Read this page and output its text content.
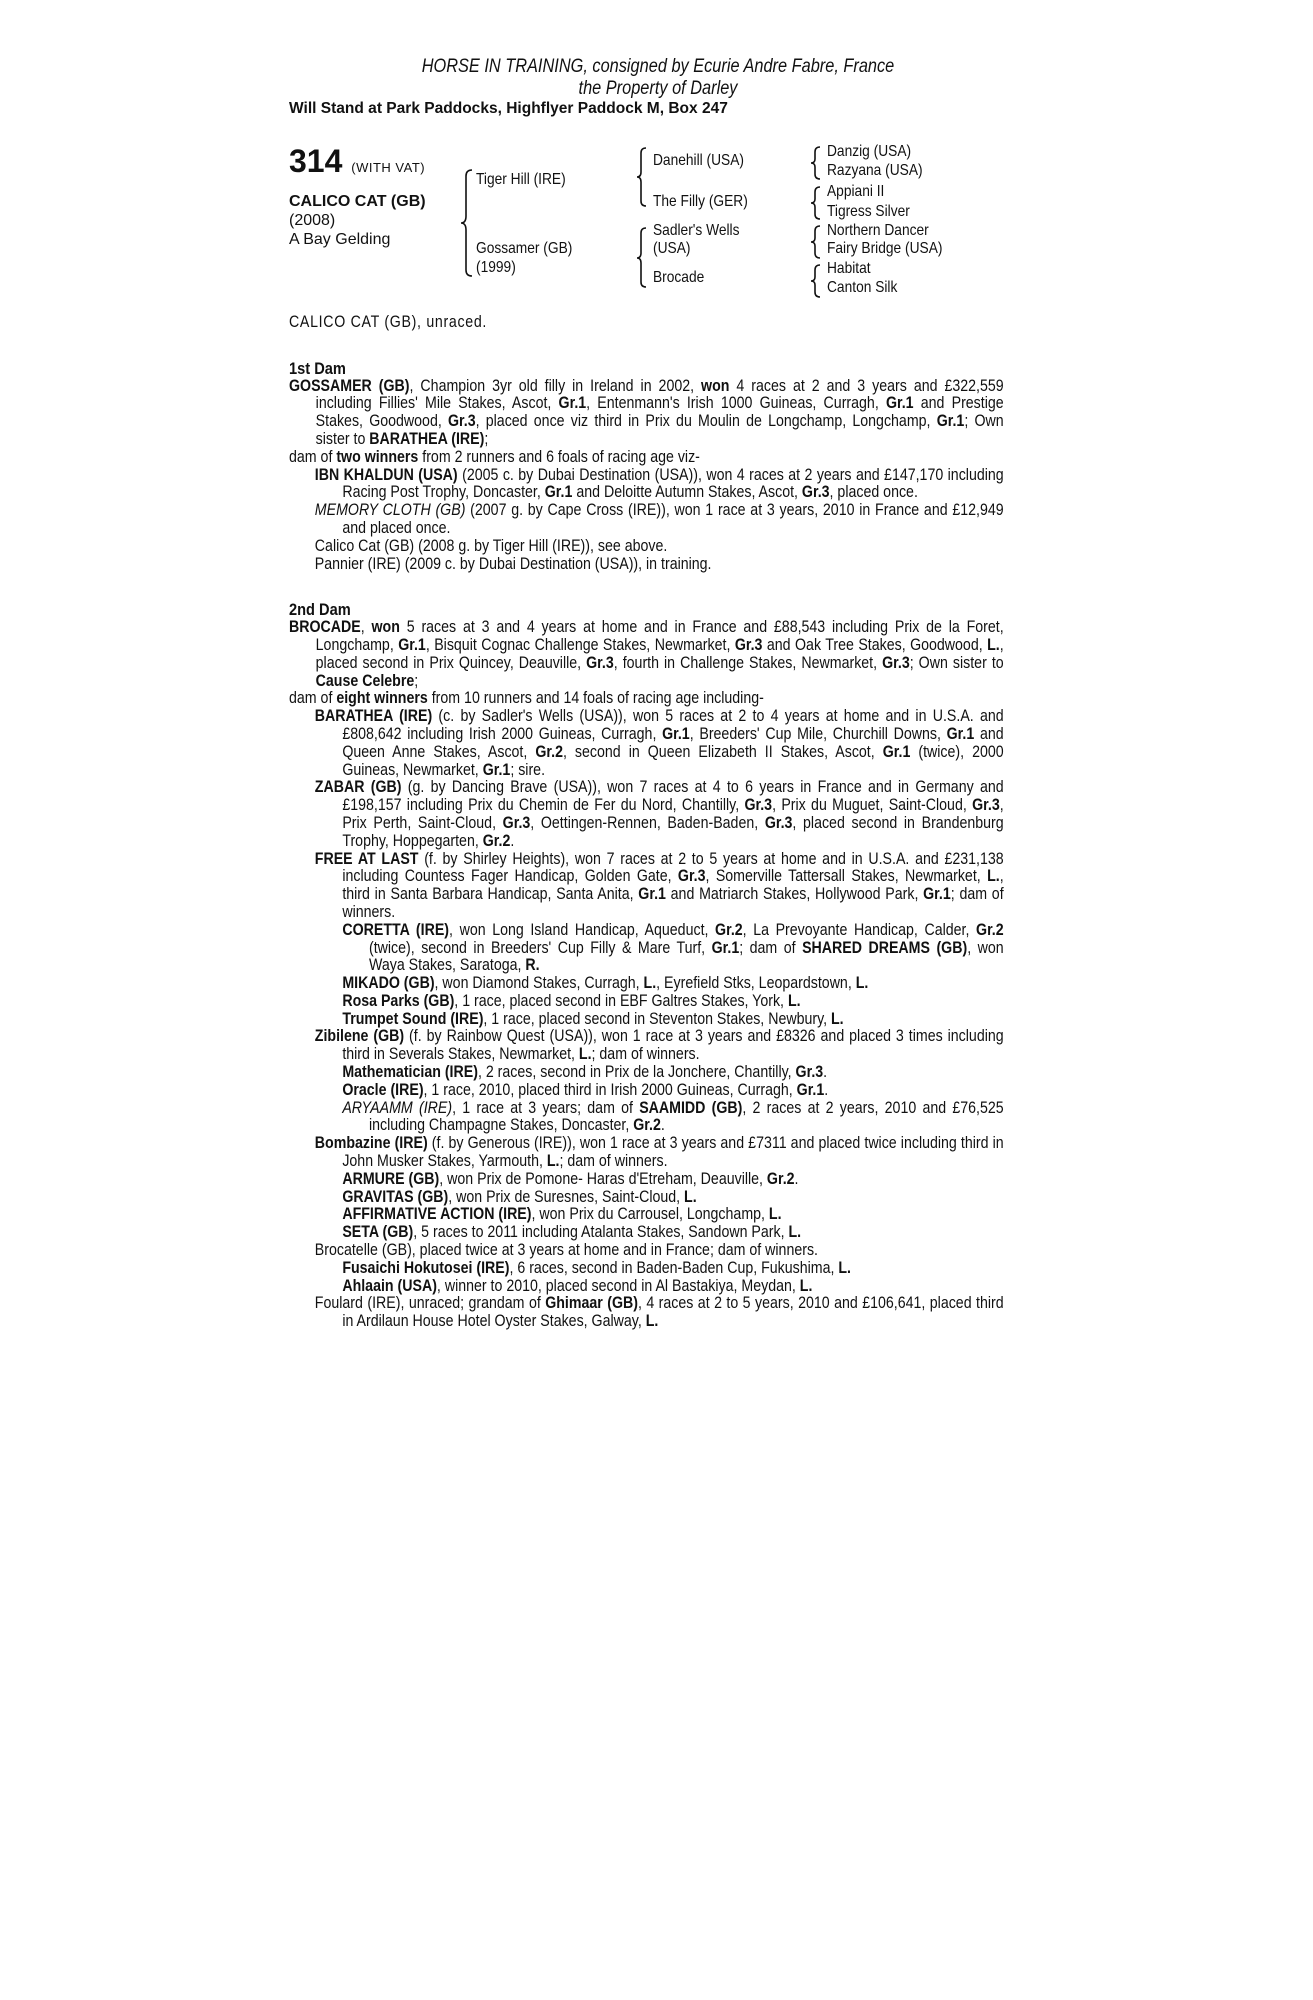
HORSE IN TRAINING, consigned by Ecurie Andre Fabre, France
the Property of Darley
Will Stand at Park Paddocks, Highflyer Paddock M, Box 247
314 (WITH VAT)
CALICO CAT (GB)
(2008)
A Bay Gelding
Tiger Hill (IRE)
Gossamer (GB)
(1999)
Danehill (USA)
The Filly (GER)
Sadler's Wells
(USA)
Brocade
Danzig (USA)
Razyana (USA)
Appiani II
Tigress Silver
Northern Dancer
Fairy Bridge (USA)
Habitat
Canton Silk

CALICO CAT (GB), unraced.

1st Dam

GOSSAMER (GB), Champion 3yr old filly in Ireland in 2002, won 4 races at 2 and 3 years and £322,559 including Fillies' Mile Stakes, Ascot, Gr.1, Entenmann's Irish 1000 Guineas, Curragh, Gr.1 and Prestige Stakes, Goodwood, Gr.3, placed once viz third in Prix du Moulin de Longchamp, Longchamp, Gr.1; Own sister to BARATHEA (IRE);

dam of two winners from 2 runners and 6 foals of racing age viz-

IBN KHALDUN (USA) (2005 c. by Dubai Destination (USA)), won 4 races at 2 years and £147,170 including Racing Post Trophy, Doncaster, Gr.1 and Deloitte Autumn Stakes, Ascot, Gr.3, placed once.

MEMORY CLOTH (GB) (2007 g. by Cape Cross (IRE)), won 1 race at 3 years, 2010 in France and £12,949 and placed once.

Calico Cat (GB) (2008 g. by Tiger Hill (IRE)), see above.

Pannier (IRE) (2009 c. by Dubai Destination (USA)), in training.

2nd Dam

BROCADE, won 5 races at 3 and 4 years at home and in France and £88,543 including Prix de la Foret, Longchamp, Gr.1, Bisquit Cognac Challenge Stakes, Newmarket, Gr.3 and Oak Tree Stakes, Goodwood, L., placed second in Prix Quincey, Deauville, Gr.3, fourth in Challenge Stakes, Newmarket, Gr.3; Own sister to Cause Celebre;

dam of eight winners from 10 runners and 14 foals of racing age including-

BARATHEA (IRE) (c. by Sadler's Wells (USA)), won 5 races at 2 to 4 years at home and in U.S.A. and £808,642 including Irish 2000 Guineas, Curragh, Gr.1, Breeders' Cup Mile, Churchill Downs, Gr.1 and Queen Anne Stakes, Ascot, Gr.2, second in Queen Elizabeth II Stakes, Ascot, Gr.1 (twice), 2000 Guineas, Newmarket, Gr.1; sire.

ZABAR (GB) (g. by Dancing Brave (USA)), won 7 races at 4 to 6 years in France and in Germany and £198,157 including Prix du Chemin de Fer du Nord, Chantilly, Gr.3, Prix du Muguet, Saint-Cloud, Gr.3, Prix Perth, Saint-Cloud, Gr.3, Oettingen-Rennen, Baden-Baden, Gr.3, placed second in Brandenburg Trophy, Hoppegarten, Gr.2.

FREE AT LAST (f. by Shirley Heights), won 7 races at 2 to 5 years at home and in U.S.A. and £231,138 including Countess Fager Handicap, Golden Gate, Gr.3, Somerville Tattersall Stakes, Newmarket, L., third in Santa Barbara Handicap, Santa Anita, Gr.1 and Matriarch Stakes, Hollywood Park, Gr.1; dam of winners.

CORETTA (IRE), won Long Island Handicap, Aqueduct, Gr.2, La Prevoyante Handicap, Calder, Gr.2 (twice), second in Breeders' Cup Filly & Mare Turf, Gr.1; dam of SHARED DREAMS (GB), won Waya Stakes, Saratoga, R.

MIKADO (GB), won Diamond Stakes, Curragh, L., Eyrefield Stks, Leopardstown, L.

Rosa Parks (GB), 1 race, placed second in EBF Galtres Stakes, York, L.

Trumpet Sound (IRE), 1 race, placed second in Steventon Stakes, Newbury, L.

Zibilene (GB) (f. by Rainbow Quest (USA)), won 1 race at 3 years and £8326 and placed 3 times including third in Severals Stakes, Newmarket, L.; dam of winners.

Mathematician (IRE), 2 races, second in Prix de la Jonchere, Chantilly, Gr.3.

Oracle (IRE), 1 race, 2010, placed third in Irish 2000 Guineas, Curragh, Gr.1.

ARYAAMM (IRE), 1 race at 3 years; dam of SAAMIDD (GB), 2 races at 2 years, 2010 and £76,525 including Champagne Stakes, Doncaster, Gr.2.

Bombazine (IRE) (f. by Generous (IRE)), won 1 race at 3 years and £7311 and placed twice including third in John Musker Stakes, Yarmouth, L.; dam of winners.

ARMURE (GB), won Prix de Pomone- Haras d'Etreham, Deauville, Gr.2.

GRAVITAS (GB), won Prix de Suresnes, Saint-Cloud, L.

AFFIRMATIVE ACTION (IRE), won Prix du Carrousel, Longchamp, L.

SETA (GB), 5 races to 2011 including Atalanta Stakes, Sandown Park, L.

Brocatelle (GB), placed twice at 3 years at home and in France; dam of winners.

Fusaichi Hokutosei (IRE), 6 races, second in Baden-Baden Cup, Fukushima, L.

Ahlaain (USA), winner to 2010, placed second in Al Bastakiya, Meydan, L.

Foulard (IRE), unraced; grandam of Ghimaar (GB), 4 races at 2 to 5 years, 2010 and £106,641, placed third in Ardilaun House Hotel Oyster Stakes, Galway, L.
